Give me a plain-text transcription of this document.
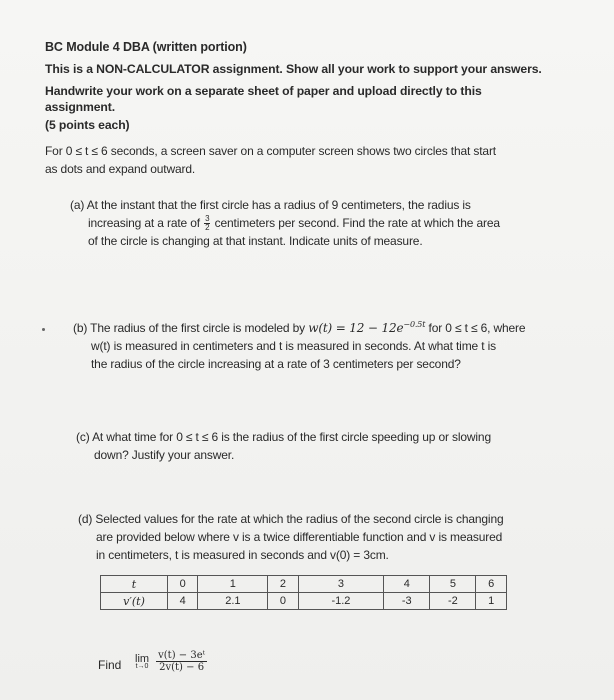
BC Module 4 DBA (written portion)
This is a NON-CALCULATOR assignment. Show all your work to support your answers.
Handwrite your work on a separate sheet of paper and upload directly to this
assignment.
(5 points each)
For 0 ≤ t ≤ 6 seconds, a screen saver on a computer screen shows two circles that start
as dots and expand outward.
(a) At the instant that the first circle has a radius of 9 centimeters, the radius is
increasing at a rate of $\frac{3}{2}$ centimeters per second. Find the rate at which the area
of the circle is changing at that instant. Indicate units of measure.
(b) The radius of the first circle is modeled by $w(t) = 12 - 12e^{-0.5t}$ for 0 ≤ t ≤ 6, where
w(t) is measured in centimeters and t is measured in seconds. At what time t is
the radius of the circle increasing at a rate of 3 centimeters per second?
(c) At what time for 0 ≤ t ≤ 6 is the radius of the first circle speeding up or slowing
down? Justify your answer.
(d) Selected values for the rate at which the radius of the second circle is changing
are provided below where v is a twice differentiable function and v is measured
in centimeters, t is measured in seconds and v(0) = 3cm.
t	0	1	2	3	4	5	6
v′(t)	4	2.1	0	-1.2	-3	-2	1
Find lim
t→0
$\frac{\text{v(t) − 3eᵗ}}{2v(t) - 6}$
